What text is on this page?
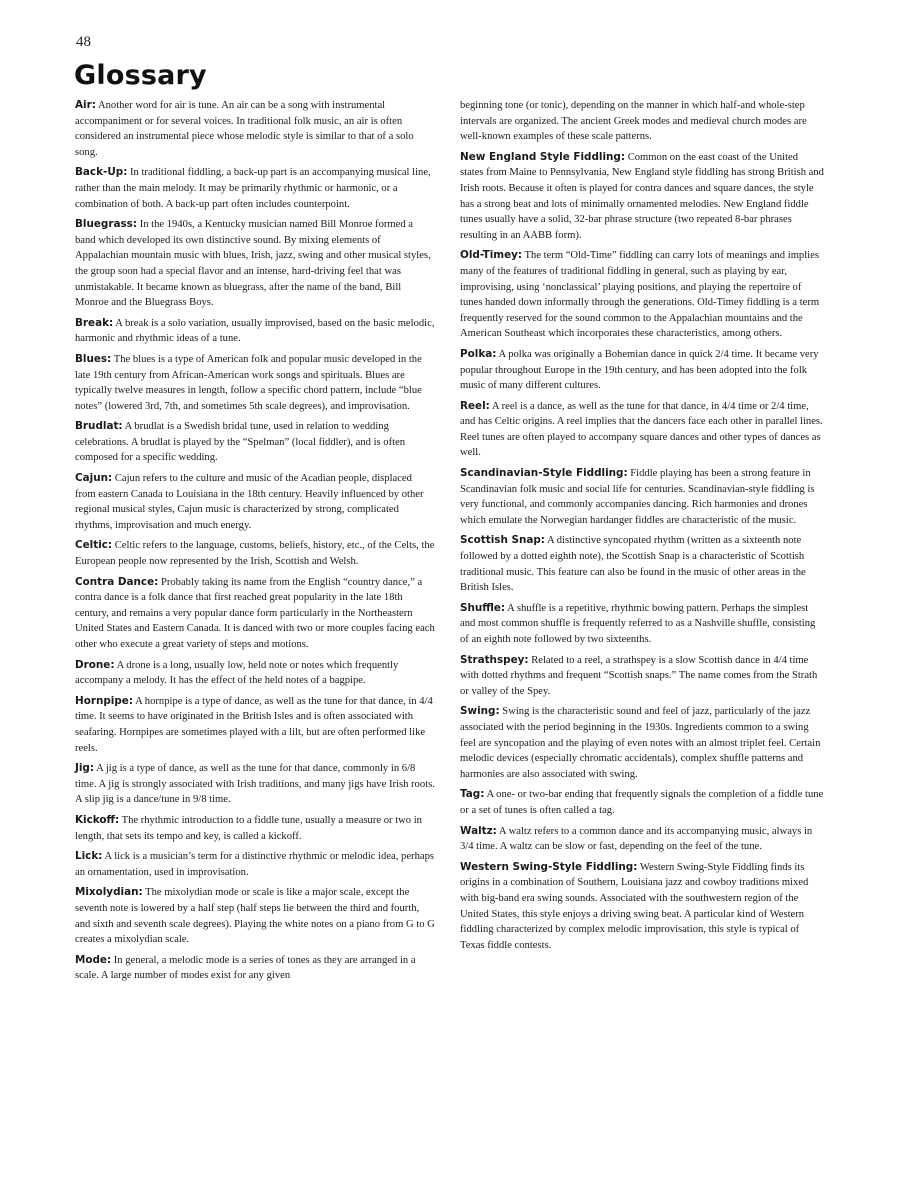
48
Glossary

Air: Another word for air is tune. An air can be a song with instrumental accompaniment or for several voices. In traditional folk music, an air is often considered an instrumental piece whose melodic style is similar to that of a solo song.

Back-Up: In traditional fiddling, a back-up part is an accompanying musical line, rather than the main melody. It may be primarily rhythmic or harmonic, or a combination of both. A back-up part often includes counterpoint.

Bluegrass: In the 1940s, a Kentucky musician named Bill Monroe formed a band which developed its own distinctive sound. By mixing elements of Appalachian mountain music with blues, Irish, jazz, swing and other musical styles, the group soon had a special flavor and an intense, hard-driving feel that was unmistakable. It became known as bluegrass, after the name of the band, Bill Monroe and the Bluegrass Boys.

Break: A break is a solo variation, usually improvised, based on the basic melodic, harmonic and rhythmic ideas of a tune.

Blues: The blues is a type of American folk and popular music developed in the late 19th century from African-American work songs and spirituals. Blues are typically twelve measures in length, follow a specific chord pattern, include “blue notes” (lowered 3rd, 7th, and sometimes 5th scale degrees), and improvisation.

Brudlat: A brudlat is a Swedish bridal tune, used in relation to wedding celebrations. A brudlat is played by the “Spelman” (local fiddler), and is often composed for a specific wedding.

Cajun: Cajun refers to the culture and music of the Acadian people, displaced from eastern Canada to Louisiana in the 18th century. Heavily influenced by other regional musical styles, Cajun music is characterized by strong, complicated rhythms, improvisation and much energy.

Celtic: Celtic refers to the language, customs, beliefs, history, etc., of the Celts, the European people now represented by the Irish, Scottish and Welsh.

Contra Dance: Probably taking its name from the English “country dance,” a contra dance is a folk dance that first reached great popularity in the late 18th century, and remains a very popular dance form particularly in the Northeastern United States and Eastern Canada. It is danced with two or more couples facing each other who execute a great variety of steps and motions.

Drone: A drone is a long, usually low, held note or notes which frequently accompany a melody. It has the effect of the held notes of a bagpipe.

Hornpipe: A hornpipe is a type of dance, as well as the tune for that dance, in 4/4 time. It seems to have originated in the British Isles and is often associated with seafaring. Hornpipes are sometimes played with a lilt, but are often performed like reels.

Jig: A jig is a type of dance, as well as the tune for that dance, commonly in 6/8 time. A jig is strongly associated with Irish traditions, and many jigs have Irish roots. A slip jig is a dance/tune in 9/8 time.

Kickoff: The rhythmic introduction to a fiddle tune, usually a measure or two in length, that sets its tempo and key, is called a kickoff.

Lick: A lick is a musician’s term for a distinctive rhythmic or melodic idea, perhaps an ornamentation, used in improvisation.

Mixolydian: The mixolydian mode or scale is like a major scale, except the seventh note is lowered by a half step (half steps lie between the third and fourth, and sixth and seventh scale degrees). Playing the white notes on a piano from G to G creates a mixolydian scale.

Mode: In general, a melodic mode is a series of tones as they are arranged in a scale. A large number of modes exist for any given

beginning tone (or tonic), depending on the manner in which half-and whole-step intervals are organized. The ancient Greek modes and medieval church modes are well-known examples of these scale patterns.

New England Style Fiddling: Common on the east coast of the United states from Maine to Pennsylvania, New England style fiddling has strong British and Irish roots. Because it often is played for contra dances and square dances, the style has a strong beat and lots of minimally ornamented melodies. New England fiddle tunes usually have a solid, 32-bar phrase structure (two repeated 8-bar phrases resulting in an AABB form).

Old-Timey: The term “Old-Time” fiddling can carry lots of meanings and implies many of the features of traditional fiddling in general, such as playing by ear, improvising, using ‘nonclassical’ playing positions, and playing the repertoire of tunes handed down informally through the generations. Old-Timey fiddling is a term frequently reserved for the sound common to the Appalachian mountains and the American Southeast which incorporates these characteristics, among others.

Polka: A polka was originally a Bohemian dance in quick 2/4 time. It became very popular throughout Europe in the 19th century, and has been adopted into the folk music of many different cultures.

Reel: A reel is a dance, as well as the tune for that dance, in 4/4 time or 2/4 time, and has Celtic origins. A reel implies that the dancers face each other in parallel lines. Reel tunes are often played to accompany square dances and other types of dances as well.

Scandinavian-Style Fiddling: Fiddle playing has been a strong feature in Scandinavian folk music and social life for centuries. Scandinavian-style fiddling is very functional, and commonly accompanies dancing. Rich harmonies and drones which emulate the Norwegian hardanger fiddles are characteristic of the music.

Scottish Snap: A distinctive syncopated rhythm (written as a sixteenth note followed by a dotted eighth note), the Scottish Snap is a characteristic of Scottish traditional music. This feature can also be found in the music of other areas in the British Isles.

Shuffle: A shuffle is a repetitive, rhythmic bowing pattern. Perhaps the simplest and most common shuffle is frequently referred to as a Nashville shuffle, consisting of an eighth note followed by two sixteenths.

Strathspey: Related to a reel, a strathspey is a slow Scottish dance in 4/4 time with dotted rhythms and frequent “Scottish snaps.” The name comes from the Strath or valley of the Spey.

Swing: Swing is the characteristic sound and feel of jazz, particularly of the jazz associated with the period beginning in the 1930s. Ingredients common to a swing feel are syncopation and the playing of even notes with an almost triplet feel. Certain melodic devices (especially chromatic accidentals), complex shuffle patterns and harmonies are also associated with swing.

Tag: A one- or two-bar ending that frequently signals the completion of a fiddle tune or a set of tunes is often called a tag.

Waltz: A waltz refers to a common dance and its accompanying music, always in 3/4 time. A waltz can be slow or fast, depending on the feel of the tune.

Western Swing-Style Fiddling: Western Swing-Style Fiddling finds its origins in a combination of Southern, Louisiana jazz and cowboy traditions mixed with big-band era swing sounds. Associated with the southwestern region of the United States, this style enjoys a driving swing beat. A particular kind of Western fiddling characterized by complex melodic improvisation, this style is typical of Texas fiddle contests.
